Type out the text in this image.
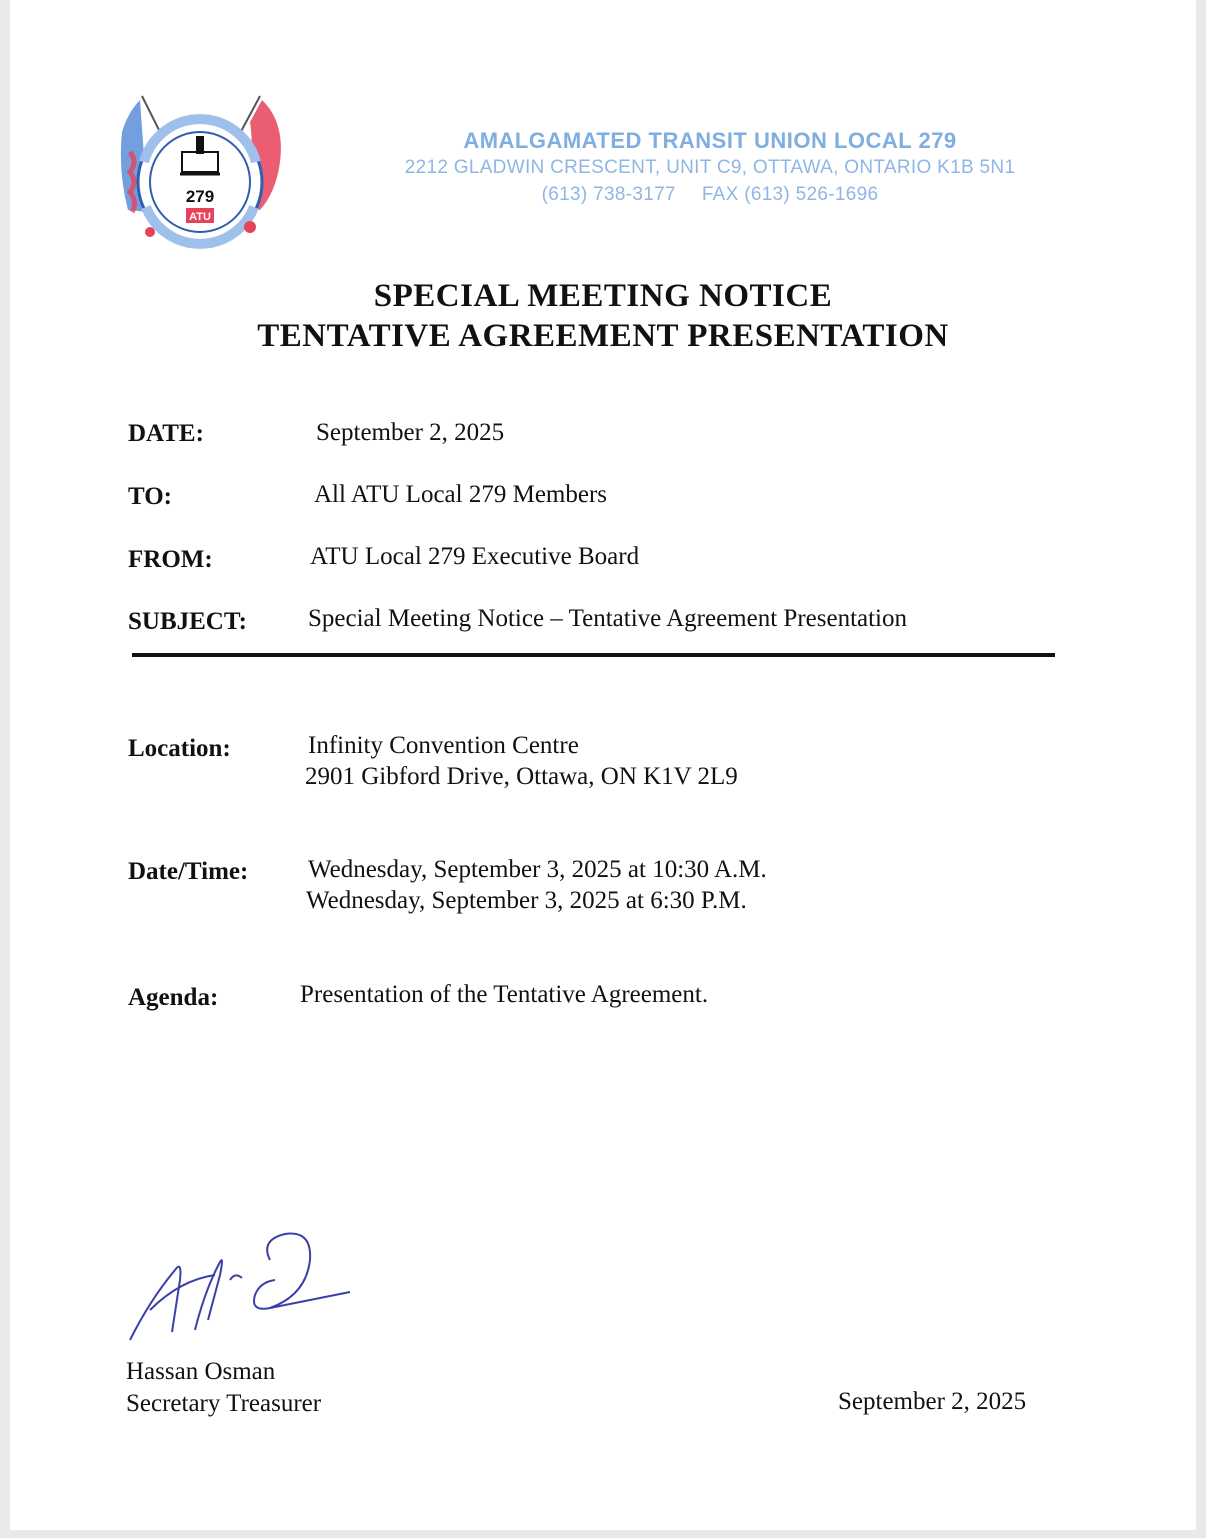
279
ATU
AMALGAMATED TRANSIT UNION LOCAL 279
2212 GLADWIN CRESCENT, UNIT C9, OTTAWA, ONTARIO K1B 5N1
(613) 738-3177 FAX (613) 526-1696
SPECIAL MEETING NOTICE
TENTATIVE AGREEMENT PRESENTATION
DATE:	September 2, 2025
TO:	All ATU Local 279 Members
FROM:	ATU Local 279 Executive Board
SUBJECT: Special Meeting Notice – Tentative Agreement Presentation
Location:	Infinity Convention Centre
2901 Gibford Drive, Ottawa, ON K1V 2L9
Date/Time: Wednesday, September 3, 2025 at 10:30 A.M.
Wednesday, September 3, 2025 at 6:30 P.M.
Agenda:	Presentation of the Tentative Agreement.
Hassan Osman
Secretary Treasurer	September 2, 2025
